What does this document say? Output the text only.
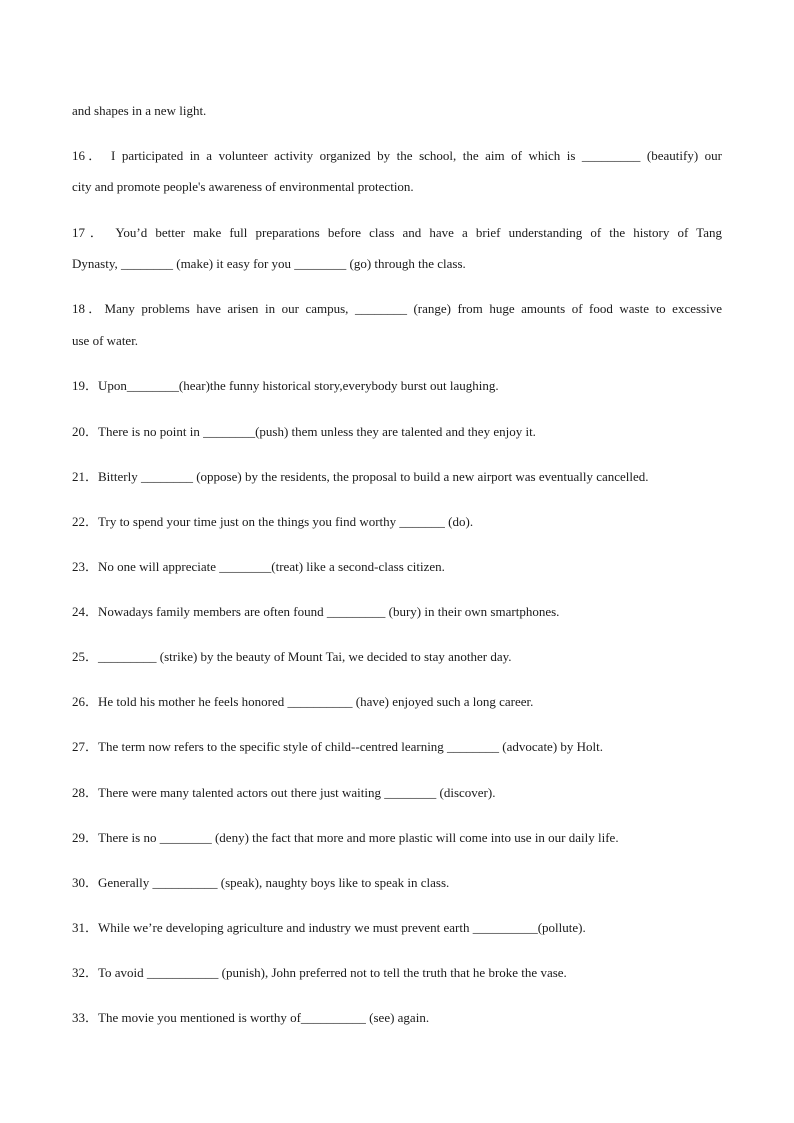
and shapes in a new light.
16． I participated in a volunteer activity organized by the school, the aim of which is _________ (beautify) our
city and promote people's awareness of environmental protection.
17． You’d better make full preparations before class and have a brief understanding of the history of Tang
Dynasty, ________ (make) it easy for you ________ (go) through the class.
18．Many problems have arisen in our campus, ________ (range) from huge amounts of food waste to excessive
use of water.
19．Upon________(hear)the funny historical story,everybody burst out laughing.
20．There is no point in ________(push) them unless they are talented and they enjoy it.
21．Bitterly ________ (oppose) by the residents, the proposal to build a new airport was eventually cancelled.
22．Try to spend your time just on the things you find worthy _______ (do).
23．No one will appreciate ________(treat) like a second-class citizen.
24．Nowadays family members are often found _________ (bury) in their own smartphones.
25．_________ (strike) by the beauty of Mount Tai, we decided to stay another day.
26．He told his mother he feels honored __________ (have) enjoyed such a long career.
27．The term now refers to the specific style of child--centred learning ________ (advocate) by Holt.
28．There were many talented actors out there just waiting ________ (discover).
29．There is no ________ (deny) the fact that more and more plastic will come into use in our daily life.
30．Generally __________ (speak), naughty boys like to speak in class.
31．While we’re developing agriculture and industry we must prevent earth __________(pollute).
32．To avoid ___________ (punish), John preferred not to tell the truth that he broke the vase.
33．The movie you mentioned is worthy of__________ (see) again.
